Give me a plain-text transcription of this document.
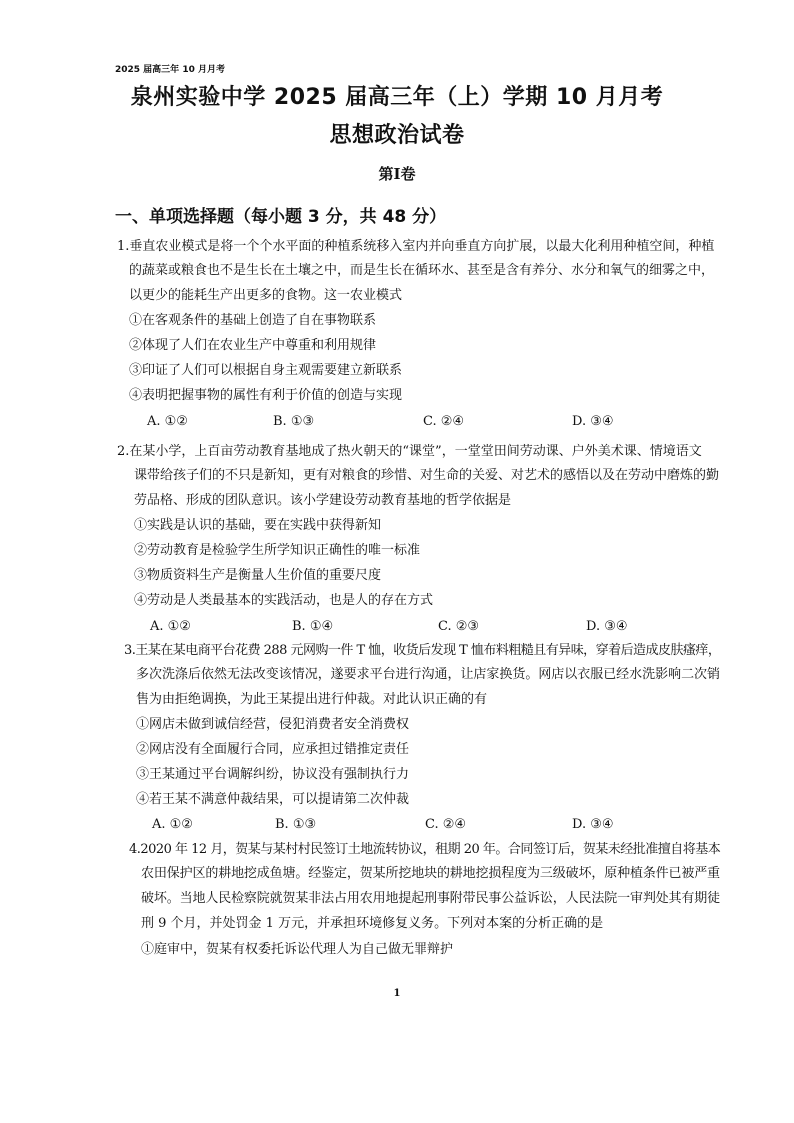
2025 届高三年 10 月月考
泉州实验中学 2025 届高三年（上）学期 10 月月考
思想政治试卷
第Ⅰ卷
一、单项选择题（每小题 3 分，共 48 分）
1.垂直农业模式是将一个个水平面的种植系统移入室内并向垂直方向扩展，以最大化利用种植空间，种植
的蔬菜或粮食也不是生长在土壤之中，而是生长在循环水、甚至是含有养分、水分和氧气的细雾之中，
以更少的能耗生产出更多的食物。这一农业模式
①在客观条件的基础上创造了自在事物联系
②体现了人们在农业生产中尊重和利用规律
③印证了人们可以根据自身主观需要建立新联系
④表明把握事物的属性有利于价值的创造与实现
A. ①②	B. ①③	C. ②④	D. ③④
2.在某小学，上百亩劳动教育基地成了热火朝天的“课堂”，一堂堂田间劳动课、户外美术课、情境语文
课带给孩子们的不只是新知，更有对粮食的珍惜、对生命的关爱、对艺术的感悟以及在劳动中磨炼的勤
劳品格、形成的团队意识。该小学建设劳动教育基地的哲学依据是
①实践是认识的基础，要在实践中获得新知
②劳动教育是检验学生所学知识正确性的唯一标准
③物质资料生产是衡量人生价值的重要尺度
④劳动是人类最基本的实践活动，也是人的存在方式
A. ①②	B. ①④	C. ②③	D. ③④
3.王某在某电商平台花费 288 元网购一件 T 恤，收货后发现 T 恤布料粗糙且有异味，穿着后造成皮肤瘙痒，
多次洗涤后依然无法改变该情况，遂要求平台进行沟通，让店家换货。网店以衣服已经水洗影响二次销
售为由拒绝调换，为此王某提出进行仲裁。对此认识正确的有
①网店未做到诚信经营，侵犯消费者安全消费权
②网店没有全面履行合同，应承担过错推定责任
③王某通过平台调解纠纷，协议没有强制执行力
④若王某不满意仲裁结果，可以提请第二次仲裁
A. ①②	B. ①③	C. ②④	D. ③④
4.2020 年 12 月，贺某与某村村民签订土地流转协议，租期 20 年。合同签订后，贺某未经批准擅自将基本
农田保护区的耕地挖成鱼塘。经鉴定，贺某所挖地块的耕地挖损程度为三级破坏，原种植条件已被严重
破坏。当地人民检察院就贺某非法占用农用地提起刑事附带民事公益诉讼，人民法院一审判处其有期徒
刑 9 个月，并处罚金 1 万元，并承担环境修复义务。下列对本案的分析正确的是
①庭审中，贺某有权委托诉讼代理人为自己做无罪辩护
1
